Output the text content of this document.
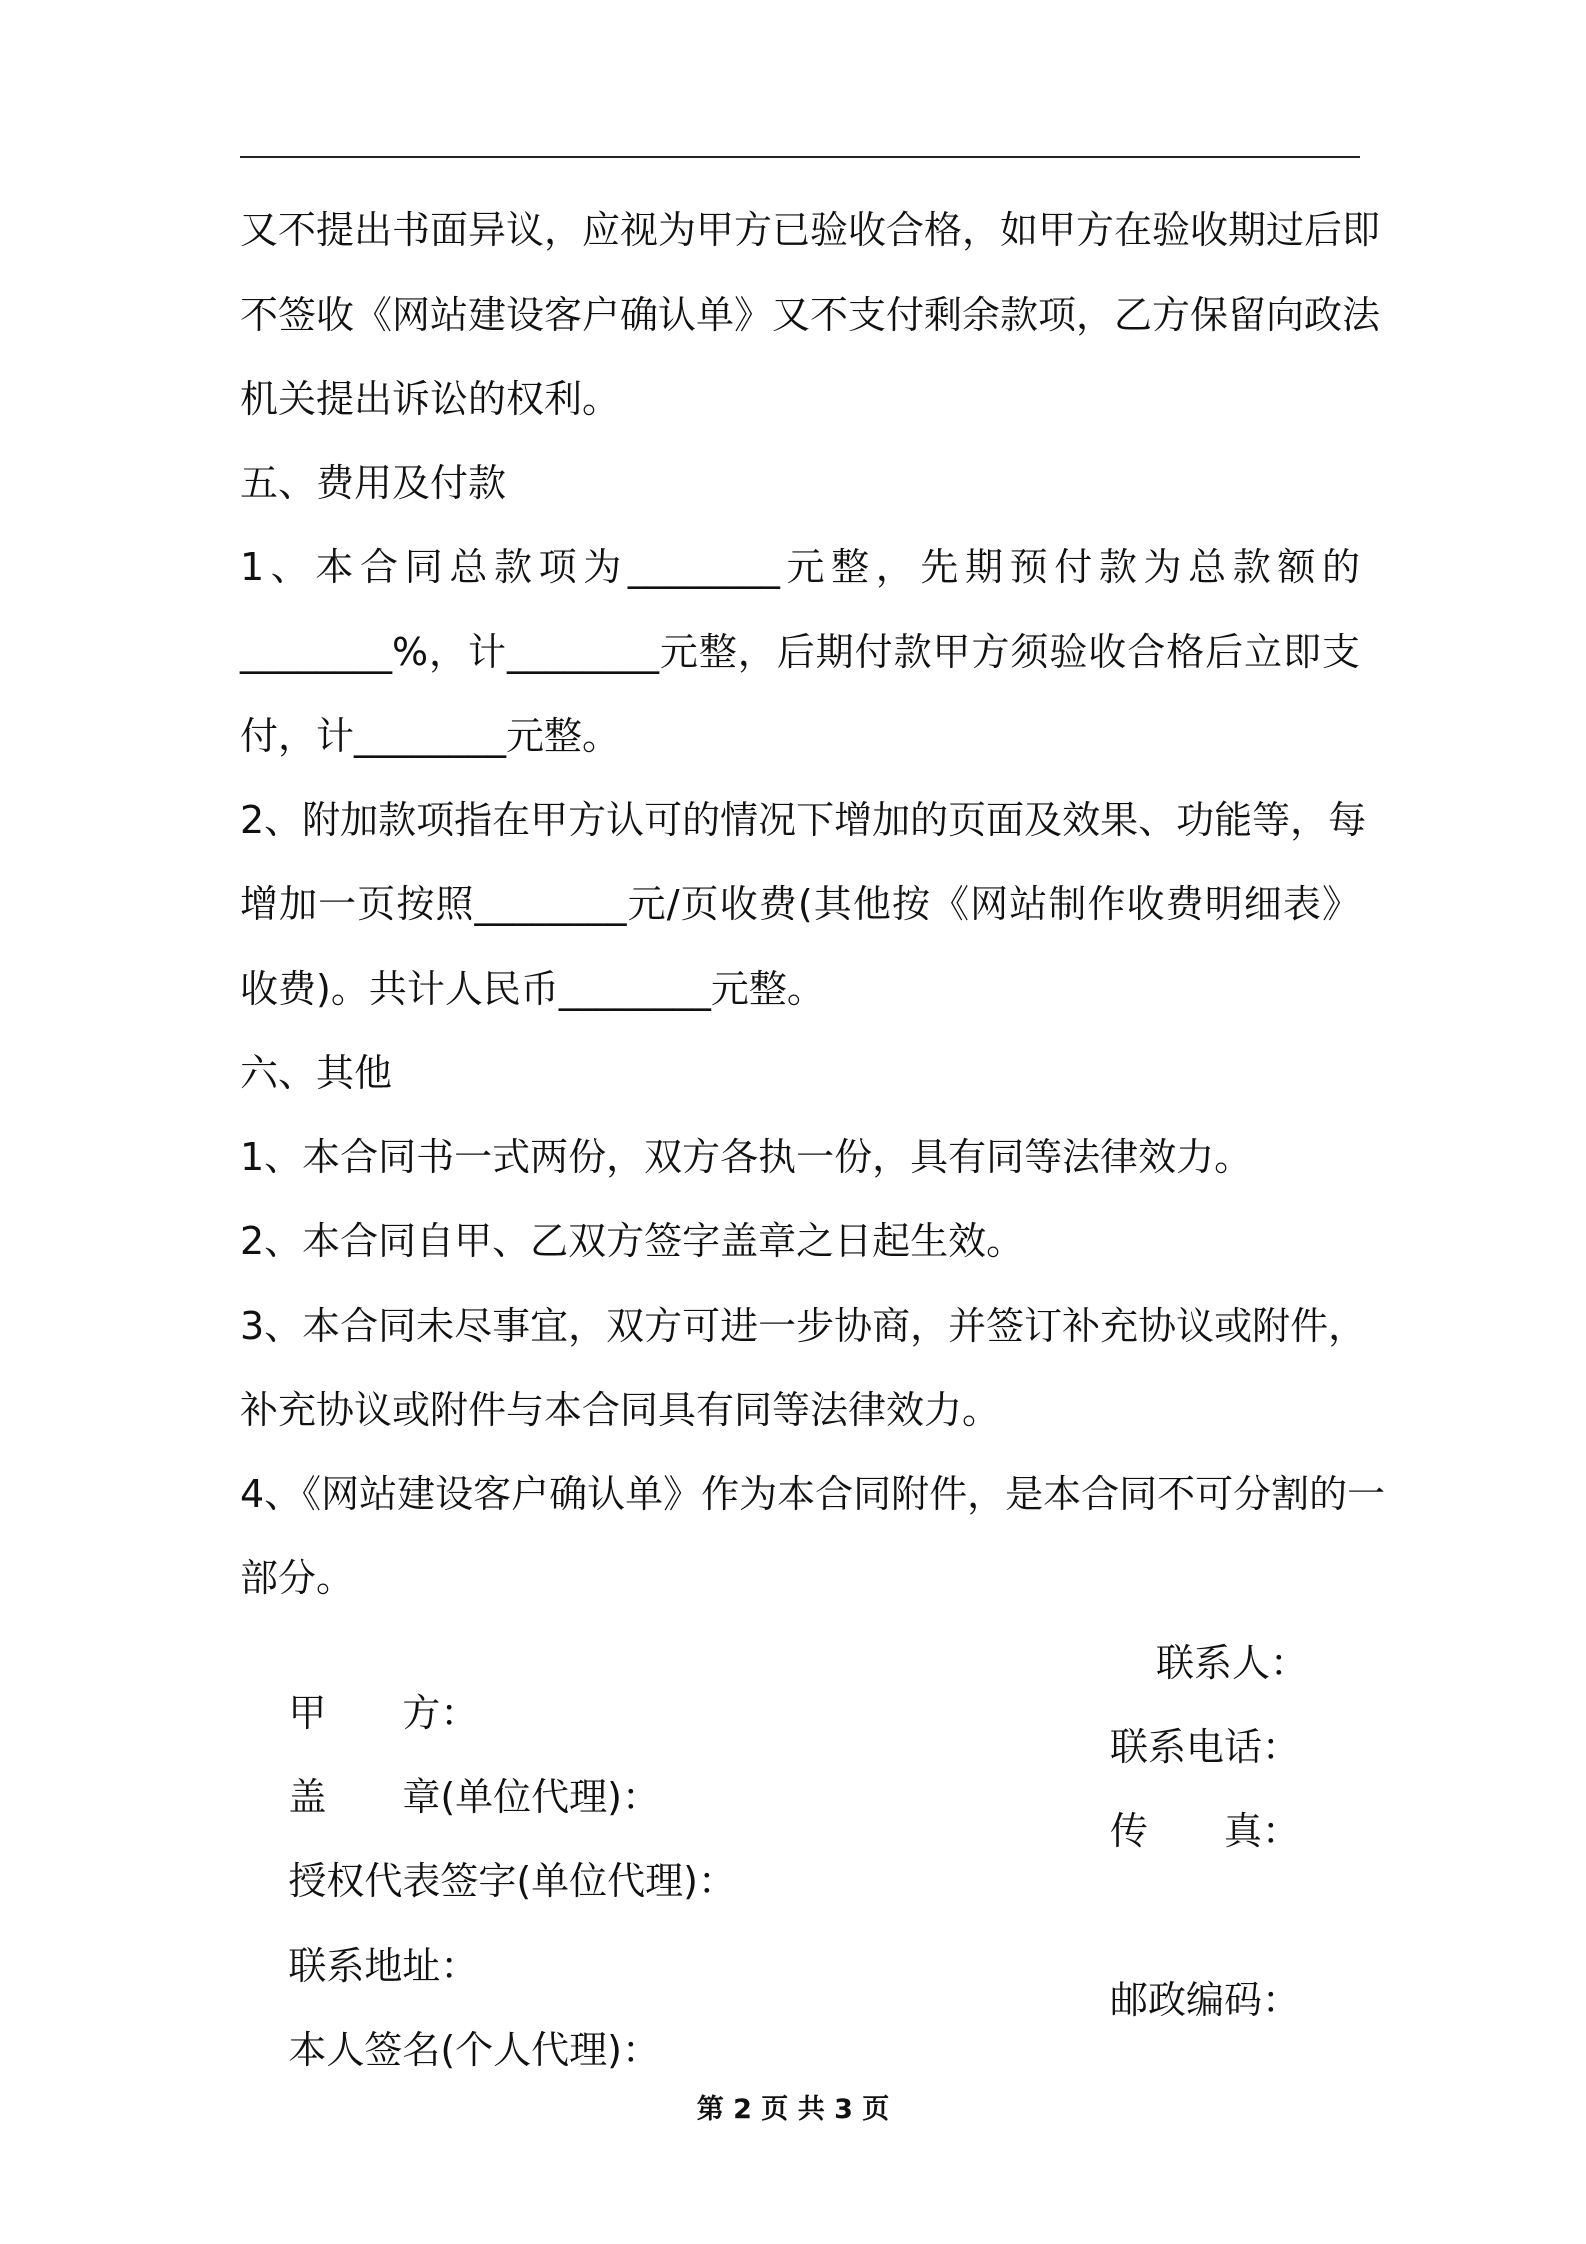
又不提出书面异议，应视为甲方已验收合格，如甲方在验收期过后即
不签收《网站建设客户确认单》又不支付剩余款项，乙方保留向政法
机关提出诉讼的权利。
五、费用及付款
1、本合同总款项为________元整，先期预付款为总款额的
________%，计________元整，后期付款甲方须验收合格后立即支
付，计________元整。
2、附加款项指在甲方认可的情况下增加的页面及效果、功能等，每
增加一页按照________元/页收费(其他按《网站制作收费明细表》
收费)。共计人民币________元整。
六、其他
1、本合同书一式两份，双方各执一份，具有同等法律效力。
2、本合同自甲、乙双方签字盖章之日起生效。
3、本合同未尽事宜，双方可进一步协商，并签订补充协议或附件，
补充协议或附件与本合同具有同等法律效力。
4、《网站建设客户确认单》作为本合同附件，是本合同不可分割的一
部分。

甲　　方：

联系人：

盖　　章(单位代理)：

联系电话：

授权代表签字(单位代理)：

传　　真：

联系地址：

本人签名(个人代理)：

邮政编码：

第 2 页 共 3 页
